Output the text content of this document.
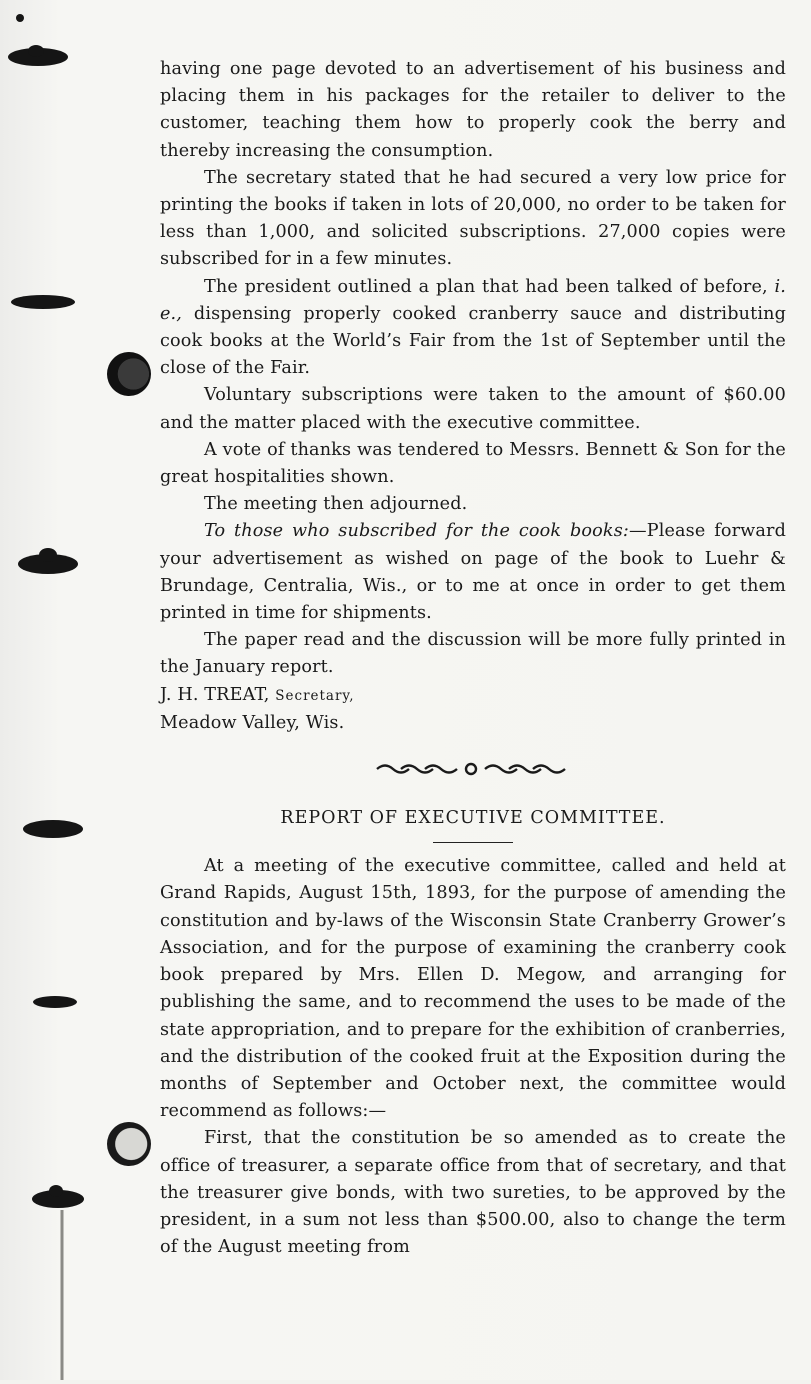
having one page devoted to an advertisement of his business and placing them in his packages for the retailer to deliver to the customer, teaching them how to properly cook the berry and thereby increasing the consumption.

The secretary stated that he had secured a very low price for printing the books if taken in lots of 20,000, no order to be taken for less than 1,000, and solicited subscriptions. 27,000 copies were subscribed for in a few minutes.

The president outlined a plan that had been talked of before, i. e., dispensing properly cooked cranberry sauce and distributing cook books at the World’s Fair from the 1st of September until the close of the Fair.

Voluntary subscriptions were taken to the amount of $60.00 and the matter placed with the executive committee.

A vote of thanks was tendered to Messrs. Bennett & Son for the great hospitalities shown.

The meeting then adjourned.

To those who subscribed for the cook books:—Please forward your advertisement as wished on page of the book to Luehr & Brundage, Centralia, Wis., or to me at once in order to get them printed in time for shipments.

The paper read and the discussion will be more fully printed in the January report.

J. H. TREAT, Secretary,

Meadow Valley, Wis.

REPORT OF EXECUTIVE COMMITTEE.

At a meeting of the executive committee, called and held at Grand Rapids, August 15th, 1893, for the purpose of amending the constitution and by-laws of the Wisconsin State Cranberry Grower’s Association, and for the purpose of examining the cranberry cook book prepared by Mrs. Ellen D. Megow, and arranging for publishing the same, and to recommend the uses to be made of the state appropriation, and to prepare for the exhibition of cranberries, and the distribution of the cooked fruit at the Exposition during the months of September and October next, the committee would recommend as follows:—

First, that the constitution be so amended as to create the office of treasurer, a separate office from that of secretary, and that the treasurer give bonds, with two sureties, to be approved by the president, in a sum not less than $500.00, also to change the term of the August meeting from
